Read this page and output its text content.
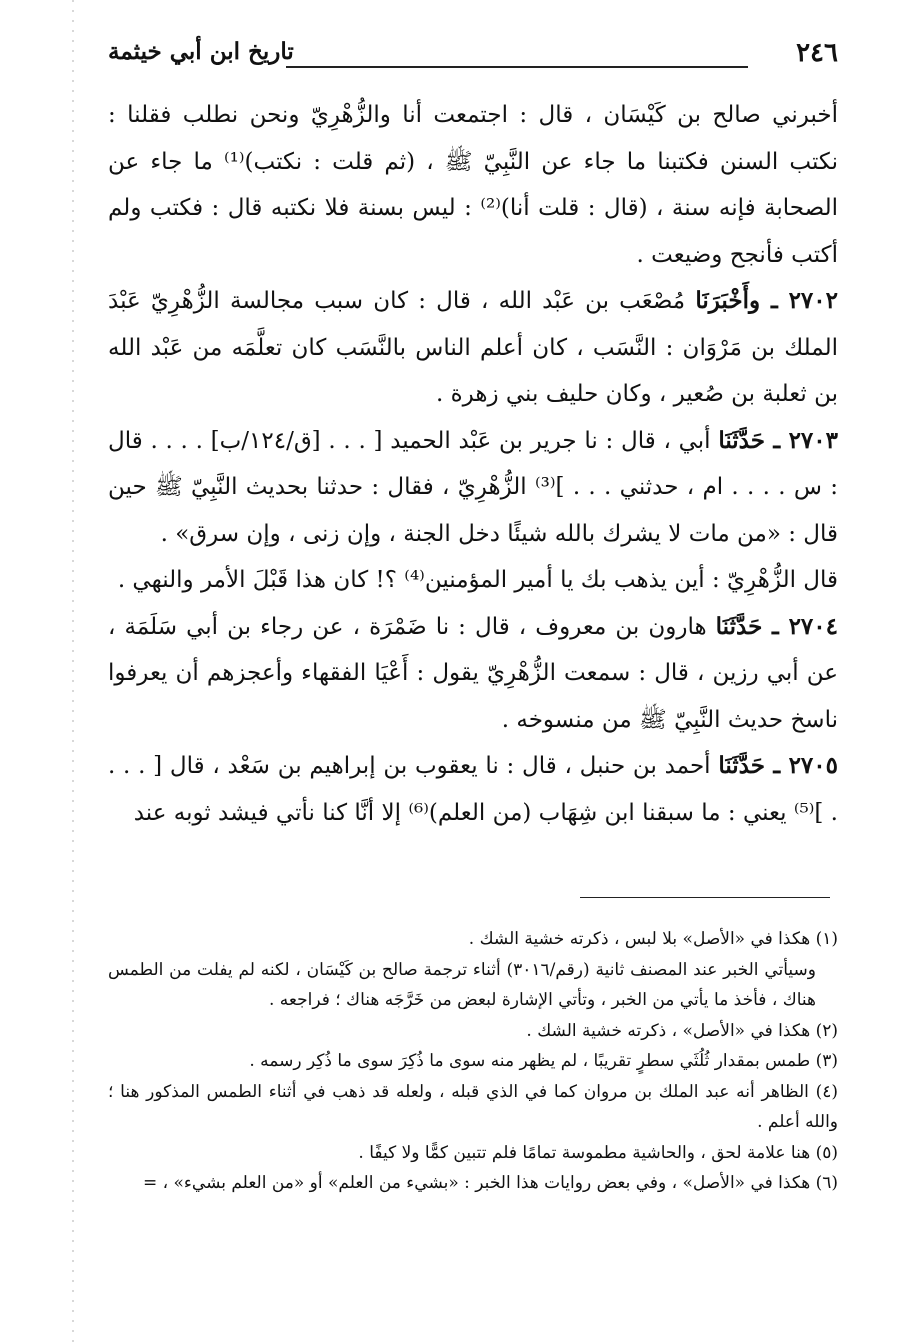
٢٤٦
تاريخ ابن أبي خيثمة

أخبرني صالح بن كَيْسَان ، قال : اجتمعت أنا والزُّهْرِيّ ونحن نطلب فقلنا : نكتب السنن فكتبنا ما جاء عن النَّبِيّ ﷺ ، (ثم قلت : نكتب)⁽¹⁾ ما جاء عن الصحابة فإنه سنة ، (قال : قلت أنا)⁽²⁾ : ليس بسنة فلا نكتبه قال : فكتب ولم أكتب فأنجح وضيعت .

٢٧٠٢ ـ وأَخْبَرَنَا مُصْعَب بن عَبْد الله ، قال : كان سبب مجالسة الزُّهْرِيّ عَبْدَ الملك بن مَرْوَان : النَّسَب ، كان أعلم الناس بالنَّسَب كان تعلَّمَه من عَبْد الله بن ثعلبة بن صُعير ، وكان حليف بني زهرة .

٢٧٠٣ ـ حَدَّثَنَا أبي ، قال : نا جرير بن عَبْد الحميد [ . . . [ق/١٢٤/ب] . . . . قال : س . . . . ام ، حدثني . . . ]⁽³⁾ الزُّهْرِيّ ، فقال : حدثنا بحديث النَّبِيّ ﷺ حين قال : «من مات لا يشرك بالله شيئًا دخل الجنة ، وإن زنى ، وإن سرق» .

قال الزُّهْرِيّ : أين يذهب بك يا أمير المؤمنين⁽⁴⁾ ؟! كان هذا قَبْلَ الأمر والنهي .

٢٧٠٤ ـ حَدَّثَنَا هارون بن معروف ، قال : نا ضَمْرَة ، عن رجاء بن أبي سَلَمَة ، عن أبي رزين ، قال : سمعت الزُّهْرِيّ يقول : أَعْيَا الفقهاء وأعجزهم أن يعرفوا ناسخ حديث النَّبِيّ ﷺ من منسوخه .

٢٧٠٥ ـ حَدَّثَنَا أحمد بن حنبل ، قال : نا يعقوب بن إبراهيم بن سَعْد ، قال [ . . . . ]⁽⁵⁾ يعني : ما سبقنا ابن شِهَاب (من العلم)⁽⁶⁾ إلا أنَّا كنا نأتي فيشد ثوبه عند

(١) هكذا في «الأصل» بلا لبس ، ذكرته خشية الشك .

وسيأتي الخبر عند المصنف ثانية (رقم/٣٠١٦) أثناء ترجمة صالح بن كَيْسَان ، لكنه لم يفلت من الطمس هناك ، فأخذ ما يأتي من الخبر ، وتأتي الإشارة لبعض من خَرَّجَه هناك ؛ فراجعه .

(٢) هكذا في «الأصل» ، ذكرته خشية الشك .

(٣) طمس بمقدار ثُلُثَي سطرٍ تقريبًا ، لم يظهر منه سوى ما ذُكِرَ سوى ما ذُكِر رسمه .

(٤) الظاهر أنه عبد الملك بن مروان كما في الذي قبله ، ولعله قد ذهب في أثناء الطمس المذكور هنا ؛ والله أعلم .

(٥) هنا علامة لحق ، والحاشية مطموسة تمامًا فلم تتبين كمًّا ولا كيفًا .

(٦) هكذا في «الأصل» ، وفي بعض روايات هذا الخبر : «بشيء من العلم» أو «من العلم بشيء» ، =
